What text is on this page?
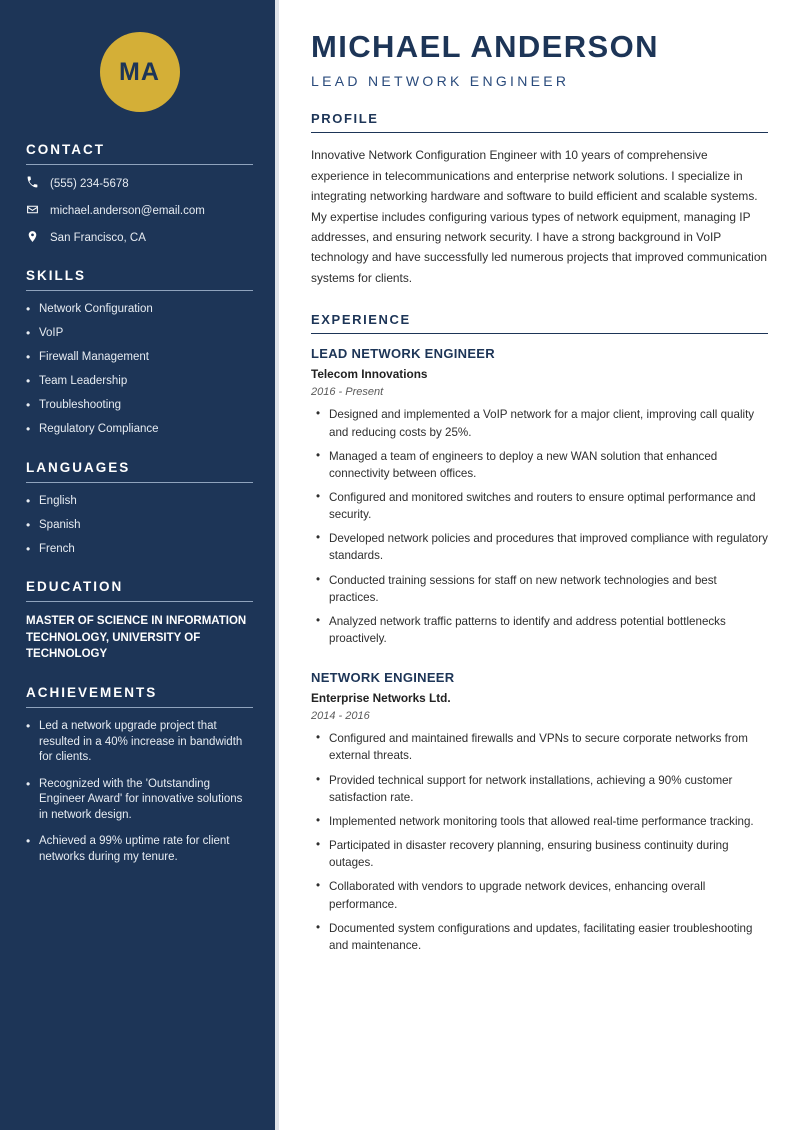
MA
CONTACT
(555) 234-5678
michael.anderson@email.com
San Francisco, CA
SKILLS
• Network Configuration
• VoIP
• Firewall Management
• Team Leadership
• Troubleshooting
• Regulatory Compliance
LANGUAGES
• English
• Spanish
• French
EDUCATION
MASTER OF SCIENCE IN INFORMATION TECHNOLOGY, UNIVERSITY OF TECHNOLOGY
ACHIEVEMENTS
• Led a network upgrade project that resulted in a 40% increase in bandwidth for clients.
• Recognized with the 'Outstanding Engineer Award' for innovative solutions in network design.
• Achieved a 99% uptime rate for client networks during my tenure.
MICHAEL ANDERSON
LEAD NETWORK ENGINEER
PROFILE

Innovative Network Configuration Engineer with 10 years of comprehensive experience in telecommunications and enterprise network solutions. I specialize in integrating networking hardware and software to build efficient and scalable systems. My expertise includes configuring various types of network equipment, managing IP addresses, and ensuring network security. I have a strong background in VoIP technology and have successfully led numerous projects that improved communication systems for clients.

EXPERIENCE
LEAD NETWORK ENGINEER
Telecom Innovations
2016 - Present
• Designed and implemented a VoIP network for a major client, improving call quality and reducing costs by 25%.
• Managed a team of engineers to deploy a new WAN solution that enhanced connectivity between offices.
• Configured and monitored switches and routers to ensure optimal performance and security.
• Developed network policies and procedures that improved compliance with regulatory standards.
• Conducted training sessions for staff on new network technologies and best practices.
• Analyzed network traffic patterns to identify and address potential bottlenecks proactively.
NETWORK ENGINEER
Enterprise Networks Ltd.
2014 - 2016
• Configured and maintained firewalls and VPNs to secure corporate networks from external threats.
• Provided technical support for network installations, achieving a 90% customer satisfaction rate.
• Implemented network monitoring tools that allowed real-time performance tracking.
• Participated in disaster recovery planning, ensuring business continuity during outages.
• Collaborated with vendors to upgrade network devices, enhancing overall performance.
• Documented system configurations and updates, facilitating easier troubleshooting and maintenance.
